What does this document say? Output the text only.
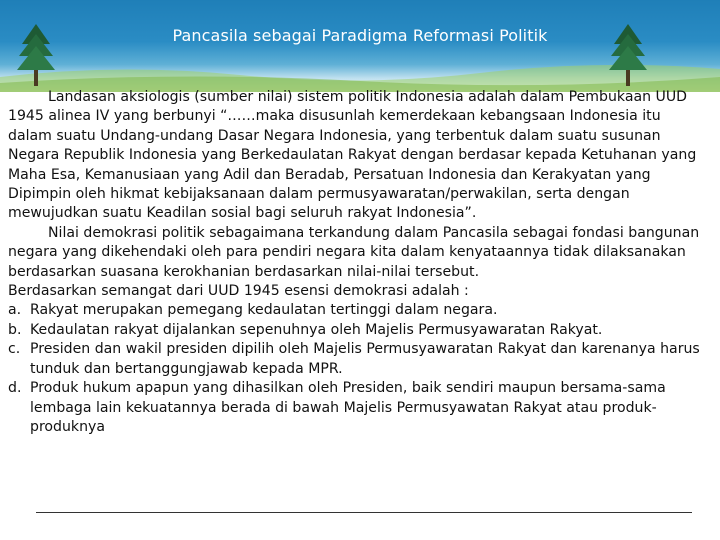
Pancasila sebagai Paradigma Reformasi Politik

Landasan aksiologis (sumber nilai) sistem politik Indonesia adalah dalam Pembukaan UUD 1945 alinea IV yang berbunyi “……maka disusunlah kemerdekaan kebangsaan Indonesia itu dalam suatu Undang-undang Dasar Negara Indonesia, yang terbentuk dalam suatu susunan Negara Republik Indonesia yang Berkedaulatan Rakyat dengan berdasar kepada Ketuhanan yang Maha Esa, Kemanusiaan yang Adil dan Beradab, Persatuan Indonesia dan Kerakyatan yang Dipimpin oleh hikmat kebijaksanaan dalam permusyawaratan/perwakilan, serta dengan mewujudkan suatu Keadilan sosial bagi seluruh rakyat Indonesia”.

Nilai demokrasi politik sebagaimana terkandung dalam Pancasila sebagai fondasi bangunan negara yang dikehendaki oleh para pendiri negara kita dalam kenyataannya tidak dilaksanakan berdasarkan suasana kerokhanian berdasarkan nilai-nilai tersebut.

Berdasarkan semangat dari UUD 1945 esensi demokrasi adalah :

a. Rakyat merupakan pemegang kedaulatan tertinggi dalam negara.
b. Kedaulatan rakyat dijalankan sepenuhnya oleh Majelis Permusyawaratan Rakyat.
c. Presiden dan wakil presiden dipilih oleh Majelis Permusyawaratan Rakyat dan karenanya harus tunduk dan bertanggungjawab kepada MPR.
d. Produk hukum apapun yang dihasilkan oleh Presiden, baik sendiri maupun bersama-sama lembaga lain kekuatannya berada di bawah Majelis Permusyawatan Rakyat atau produk-produknya
